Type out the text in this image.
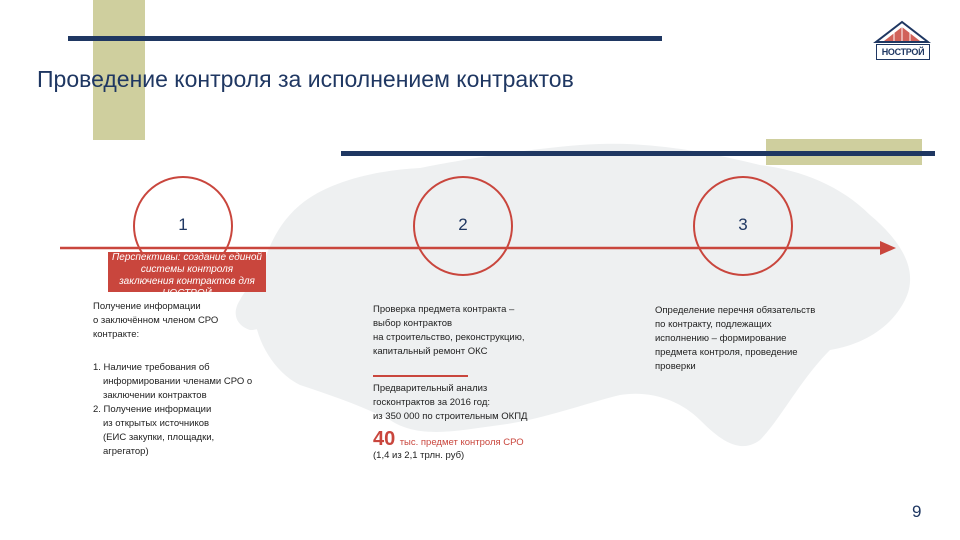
НОСТРОЙ
Проведение контроля за исполнением контрактов
1	2	3
Перспективы: создание единой
системы контроля
заключения контрактов для
НОСТРОЙ
Получение информации
о заключённом членом СРО
контракте:
1. Наличие требования об
информировании членами СРО о
заключении контрактов
2. Получение информации
из открытых источников
(ЕИС закупки, площадки,
агрегатор)
Проверка предмета контракта –
выбор контрактов
на строительство, реконструкцию,
капитальный ремонт ОКС
Предварительный анализ
госконтрактов за 2016 год:
из 350 000 по строительным ОКПД
40 тыс. предмет контроля СРО
(1,4 из 2,1 трлн. руб)
Определение перечня обязательств
по контракту, подлежащих
исполнению – формирование
предмета контроля, проведение
проверки
9
